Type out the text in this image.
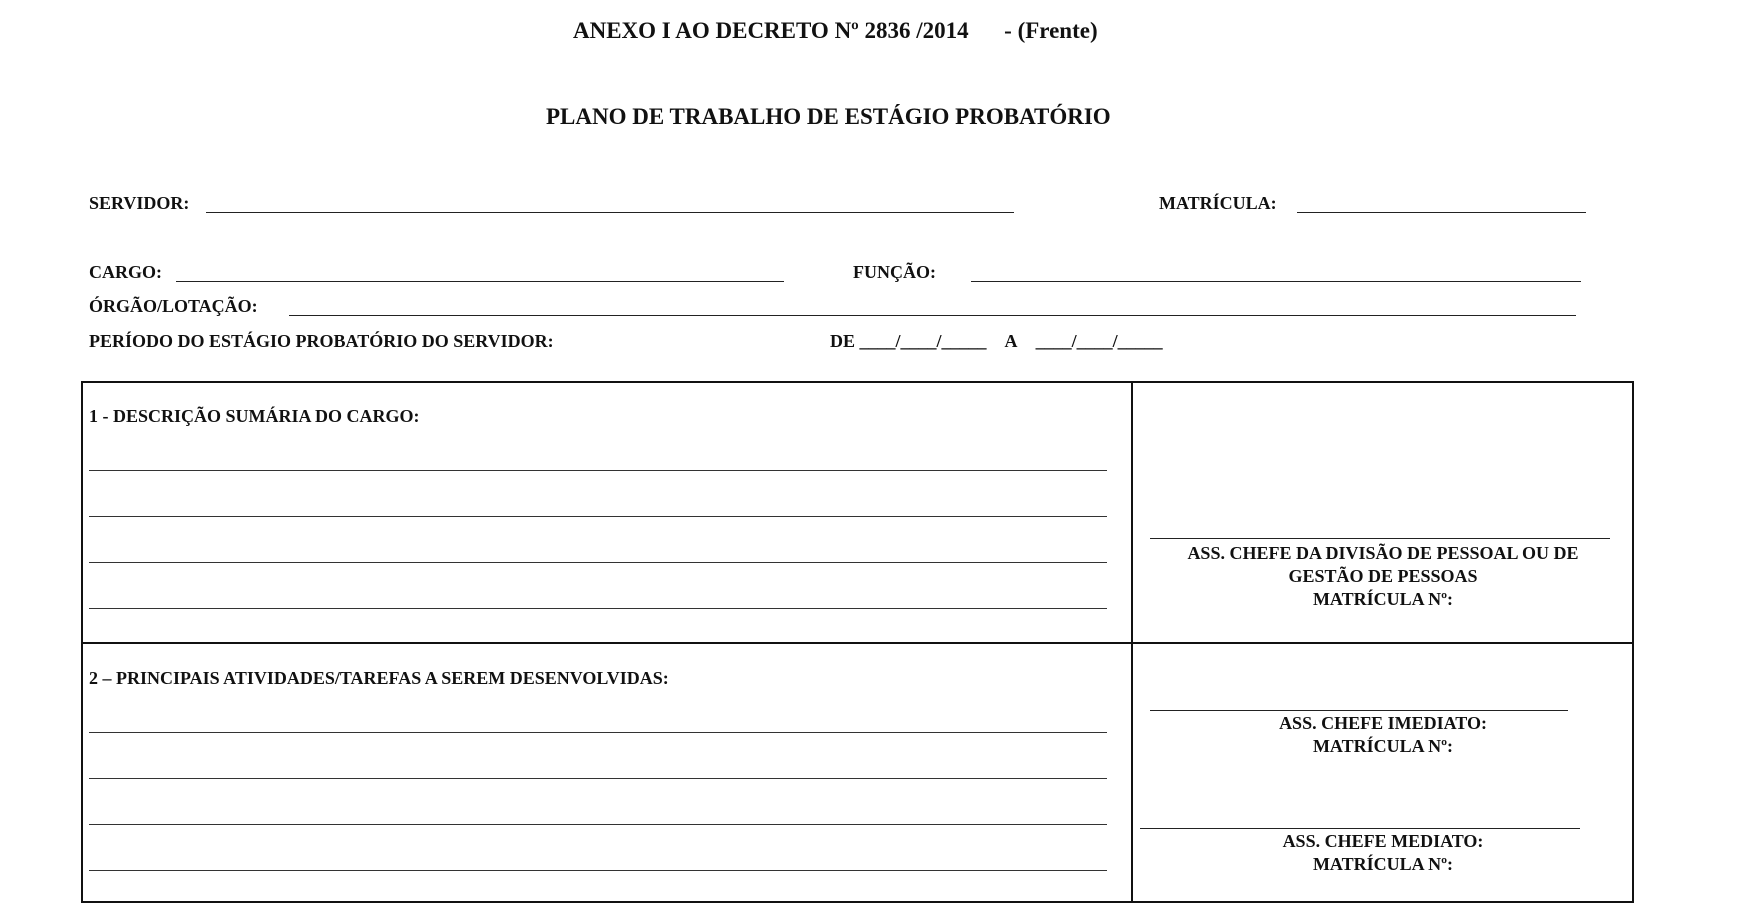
ANEXO I AO DECRETO Nº 2836 /2014 - (Frente)
PLANO DE TRABALHO DE ESTÁGIO PROBATÓRIO
SERVIDOR:	MATRÍCULA:
CARGO:	FUNÇÃO:
ÓRGÃO/LOTAÇÃO:
PERÍODO DO ESTÁGIO PROBATÓRIO DO SERVIDOR:	DE ____/____/_____ A ____/____/_____
1 - DESCRIÇÃO SUMÁRIA DO CARGO:
2 – PRINCIPAIS ATIVIDADES/TAREFAS A SEREM DESENVOLVIDAS:
ASS. CHEFE DA DIVISÃO DE PESSOAL OU DE
GESTÃO DE PESSOAS
MATRÍCULA Nº:
ASS. CHEFE IMEDIATO:
MATRÍCULA Nº:
ASS. CHEFE MEDIATO:
MATRÍCULA Nº:
